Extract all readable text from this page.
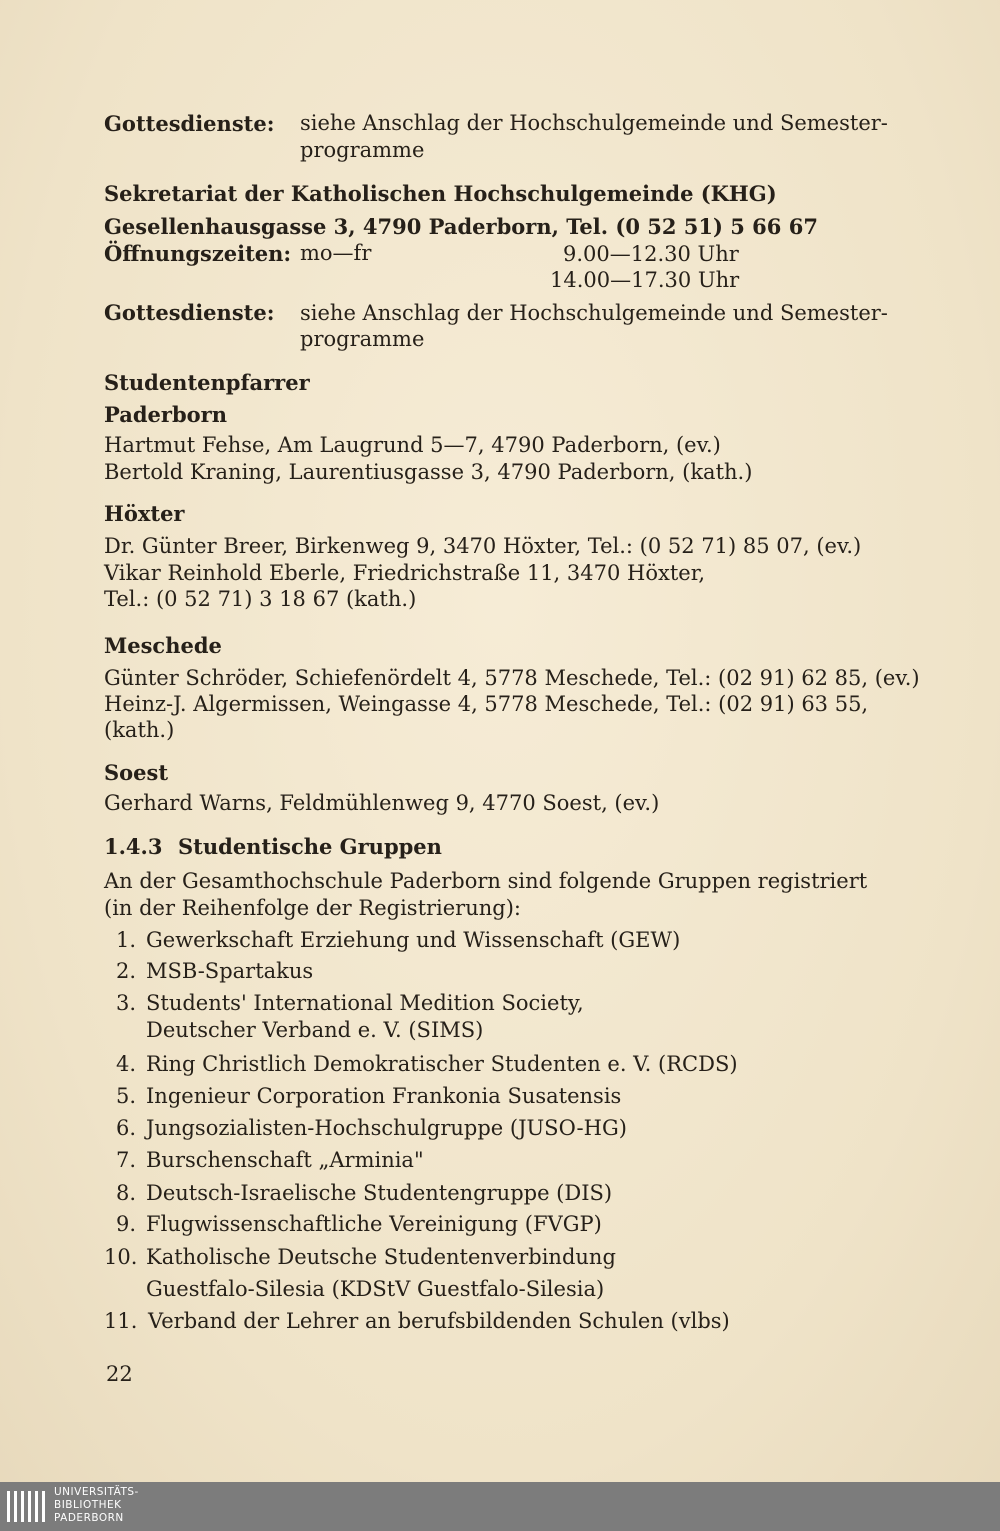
Gottesdienste: siehe Anschlag der Hochschulgemeinde und Semester-
programme
Sekretariat der Katholischen Hochschulgemeinde (KHG)
Gesellenhausgasse 3, 4790 Paderborn, Tel. (0 52 51) 5 66 67
Öffnungszeiten: mo—fr	9.00—12.30 Uhr
14.00—17.30 Uhr
Gottesdienste: siehe Anschlag der Hochschulgemeinde und Semester-
programme
Studentenpfarrer
Paderborn
Hartmut Fehse, Am Laugrund 5—7, 4790 Paderborn, (ev.)
Bertold Kraning, Laurentiusgasse 3, 4790 Paderborn, (kath.)
Höxter
Dr. Günter Breer, Birkenweg 9, 3470 Höxter, Tel.: (0 52 71) 85 07, (ev.)
Vikar Reinhold Eberle, Friedrichstraße 11, 3470 Höxter,
Tel.: (0 52 71) 3 18 67 (kath.)
Meschede
Günter Schröder, Schiefenördelt 4, 5778 Meschede, Tel.: (02 91) 62 85, (ev.)
Heinz-J. Algermissen, Weingasse 4, 5778 Meschede, Tel.: (02 91) 63 55,
(kath.)
Soest
Gerhard Warns, Feldmühlenweg 9, 4770 Soest, (ev.)
1.4.3 Studentische Gruppen
An der Gesamthochschule Paderborn sind folgende Gruppen registriert
(in der Reihenfolge der Registrierung):
1. Gewerkschaft Erziehung und Wissenschaft (GEW)
2. MSB-Spartakus
3. Students' International Medition Society,
Deutscher Verband e. V. (SIMS)
4. Ring Christlich Demokratischer Studenten e. V. (RCDS)
5. Ingenieur Corporation Frankonia Susatensis
6. Jungsozialisten-Hochschulgruppe (JUSO-HG)
7. Burschenschaft „Arminia"
8. Deutsch-Israelische Studentengruppe (DIS)
9. Flugwissenschaftliche Vereinigung (FVGP)
10. Katholische Deutsche Studentenverbindung
Guestfalo-Silesia (KDStV Guestfalo-Silesia)
11. Verband der Lehrer an berufsbildenden Schulen (vlbs)
22
UNIVERSITÄTS-
BIBLIOTHEK
PADERBORN
